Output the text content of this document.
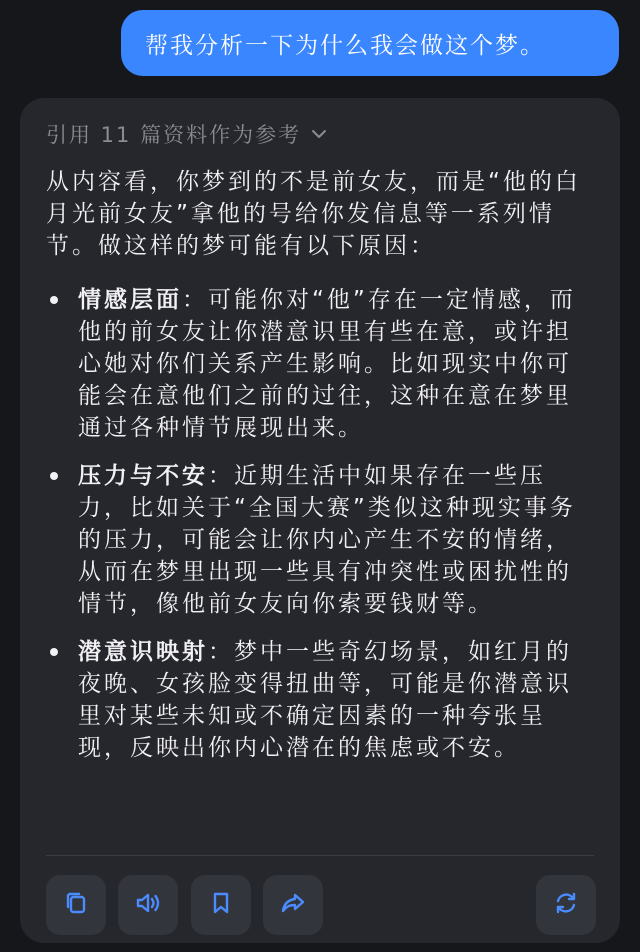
帮我分析一下为什么我会做这个梦。
引用 11 篇资料作为参考
从内容看，你梦到的不是前女友，而是“他的白月光前女友”拿他的号给你发信息等一系列情节。做这样的梦可能有以下原因：
情感层面：可能你对“他”存在一定情感，而他的前女友让你潜意识里有些在意，或许担心她对你们关系产生影响。比如现实中你可能会在意他们之前的过往，这种在意在梦里通过各种情节展现出来。
压力与不安：近期生活中如果存在一些压力，比如关于“全国大赛”类似这种现实事务的压力，可能会让你内心产生不安的情绪，从而在梦里出现一些具有冲突性或困扰性的情节，像他前女友向你索要钱财等。
潜意识映射：梦中一些奇幻场景，如红月的夜晚、女孩脸变得扭曲等，可能是你潜意识里对某些未知或不确定因素的一种夸张呈现，反映出你内心潜在的焦虑或不安。
